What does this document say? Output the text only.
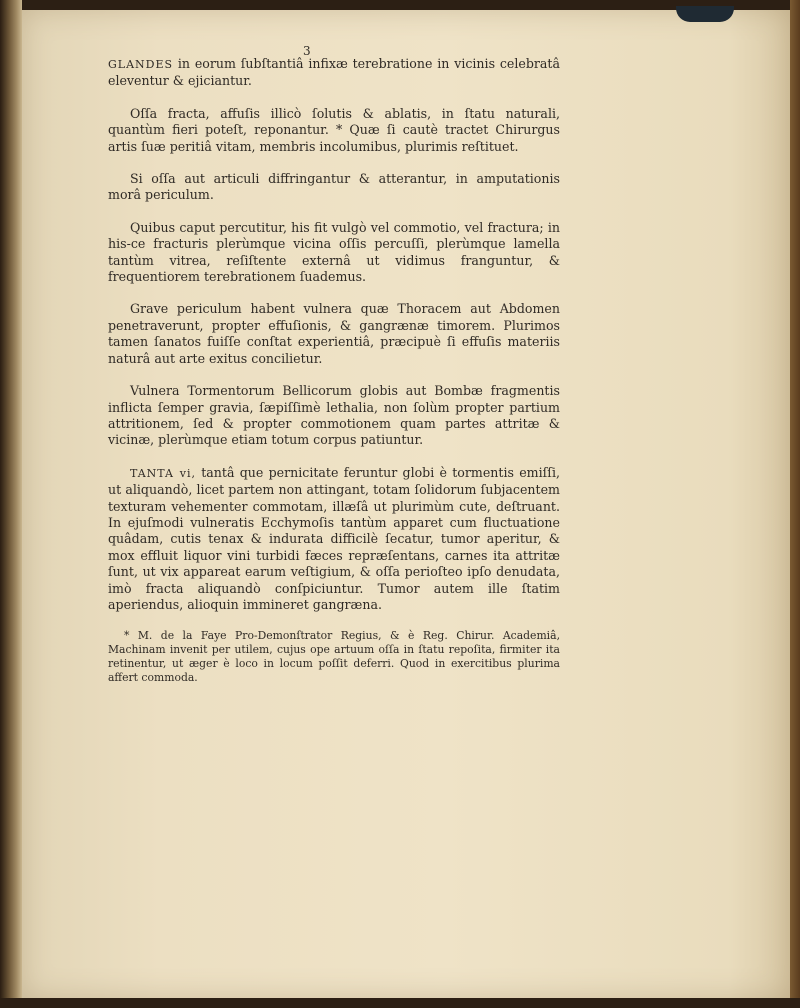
3

GLANDES in eorum ſubſtantiâ infixæ terebratione in vicinis celebratâ eleventur & ejiciantur.

Oſſa fracta, affuſis illicò ſolutis & ablatis, in ſtatu naturali, quantùm fieri poteſt, reponantur. * Quæ ſi cautè tractet Chirurgus artis ſuæ peritiâ vitam, membris incolumibus, plurimis reſtituet.

Si oſſa aut articuli diffringantur & atterantur, in amputationis morâ periculum.

Quibus caput percutitur, his fit vulgò vel commotio, vel fractura; in his-ce fracturis plerùmque vicina oſſis percuſſi, plerùmque lamella tantùm vitrea, reſiſtente externâ ut vidimus franguntur, & frequentiorem terebrationem ſuademus.

Grave periculum habent vulnera quæ Thoracem aut Abdomen penetraverunt, propter effuſionis, & gangrænæ timorem. Plurimos tamen ſanatos fuiſſe conſtat experientiâ, præcipuè ſi effuſis materiis naturâ aut arte exitus concilietur.

Vulnera Tormentorum Bellicorum globis aut Bombæ fragmentis inflicta ſemper gravia, ſæpiſſimè lethalia, non ſolùm propter partium attritionem, ſed & propter commotionem quam partes attritæ & vicinæ, plerùmque etiam totum corpus patiuntur.

TANTA vi, tantâ que pernicitate feruntur globi è tormentis emiſſi, ut aliquandò, licet partem non attingant, totam ſolidorum ſubjacentem texturam vehementer commotam, illæſâ ut plurimùm cute, deſtruant. In ejuſmodi vulneratis Ecchymoſis tantùm apparet cum fluctuatione quâdam, cutis tenax & indurata difficilè ſecatur, tumor aperitur, & mox effluit liquor vini turbidi fæces repræſentans, carnes ita attritæ ſunt, ut vix appareat earum veſtigium, & oſſa perioſteo ipſo denudata, imò fracta aliquandò conſpiciuntur. Tumor autem ille ſtatim aperiendus, alioquin immineret gangræna.

* M. de la Faye Pro-Demonſtrator Regius, & è Reg. Chirur. Academiâ, Machinam invenit per utilem, cujus ope artuum oſſa in ſtatu repoſita, firmiter ita retinentur, ut æger è loco in locum poſſit deferri. Quod in exercitibus plurima affert commoda.
